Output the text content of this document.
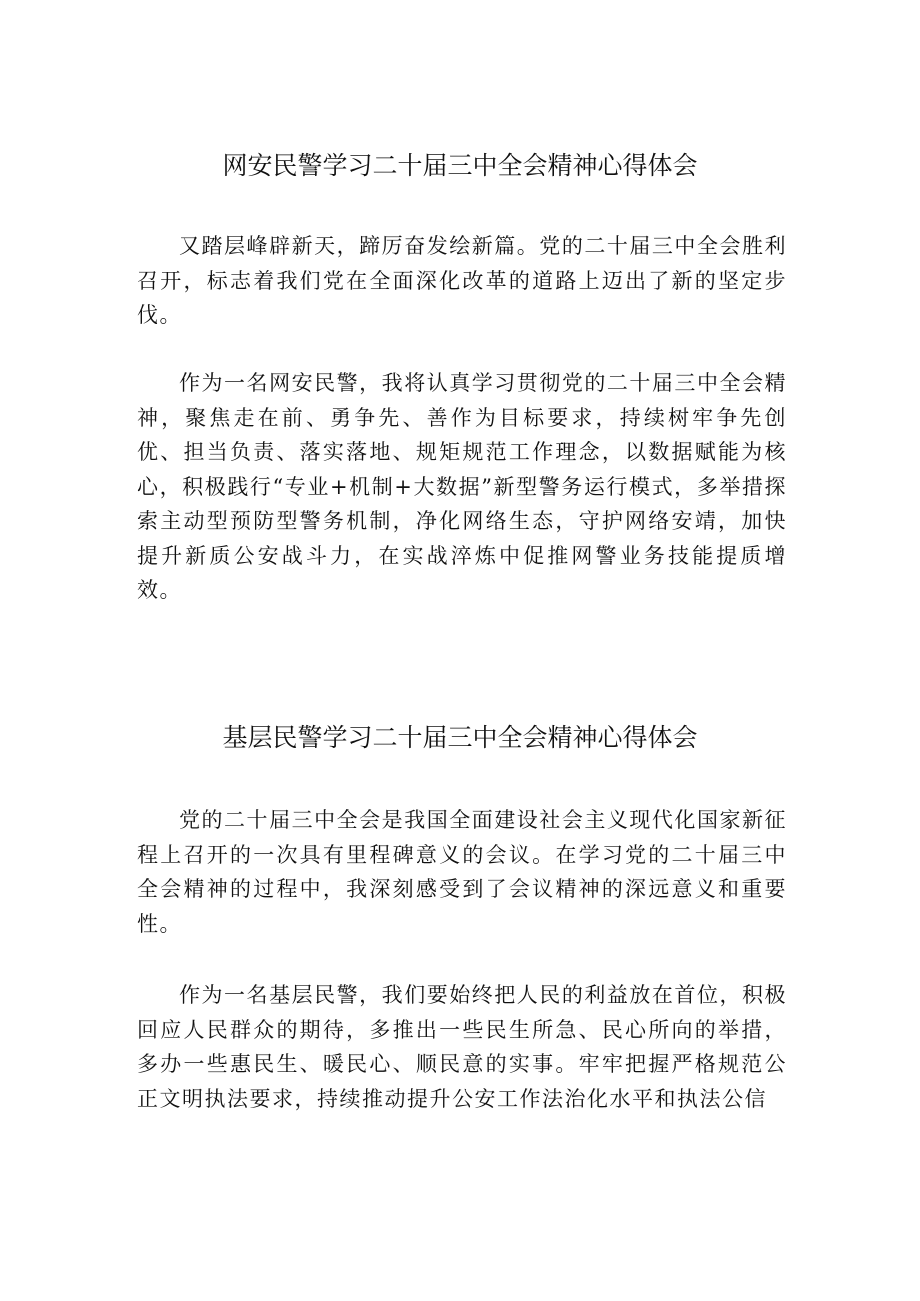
网安民警学习二十届三中全会精神心得体会

又踏层峰辟新天，蹄厉奋发绘新篇。党的二十届三中全会胜利召开，标志着我们党在全面深化改革的道路上迈出了新的坚定步伐。

作为一名网安民警，我将认真学习贯彻党的二十届三中全会精神，聚焦走在前、勇争先、善作为目标要求，持续树牢争先创优、担当负责、落实落地、规矩规范工作理念，以数据赋能为核心，积极践行“专业+机制+大数据”新型警务运行模式，多举措探索主动型预防型警务机制，净化网络生态，守护网络安靖，加快提升新质公安战斗力，在实战淬炼中促推网警业务技能提质增效。

基层民警学习二十届三中全会精神心得体会

党的二十届三中全会是我国全面建设社会主义现代化国家新征程上召开的一次具有里程碑意义的会议。在学习党的二十届三中全会精神的过程中，我深刻感受到了会议精神的深远意义和重要性。

作为一名基层民警，我们要始终把人民的利益放在首位，积极回应人民群众的期待，多推出一些民生所急、民心所向的举措，多办一些惠民生、暖民心、顺民意的实事。牢牢把握严格规范公正文明执法要求，持续推动提升公安工作法治化水平和执法公信
